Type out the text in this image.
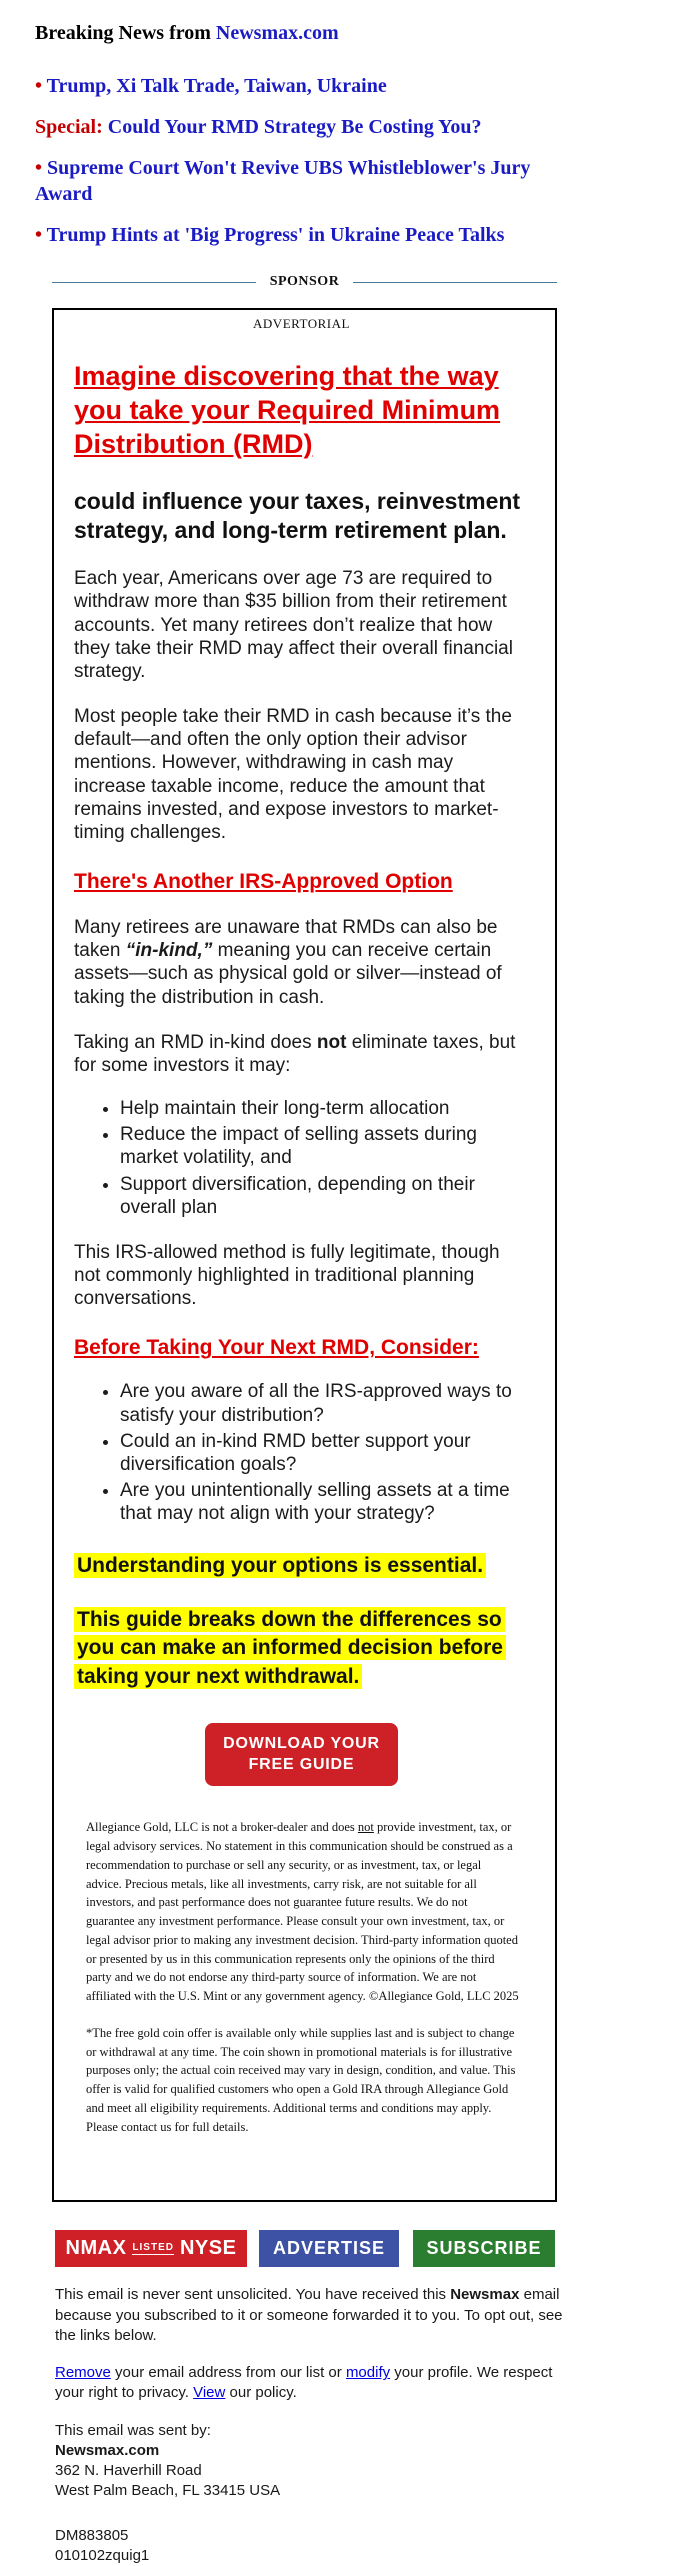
Breaking News from Newsmax.com
• Trump, Xi Talk Trade, Taiwan, Ukraine
Special: Could Your RMD Strategy Be Costing You?
• Supreme Court Won't Revive UBS Whistleblower's Jury Award
• Trump Hints at 'Big Progress' in Ukraine Peace Talks
SPONSOR
ADVERTORIAL
Imagine discovering that the way you take your Required Minimum Distribution (RMD)
could influence your taxes, reinvestment strategy, and long-term retirement plan.

Each year, Americans over age 73 are required to withdraw more than $35 billion from their retirement accounts. Yet many retirees don’t realize that how they take their RMD may affect their overall financial strategy.

Most people take their RMD in cash because it’s the default—and often the only option their advisor mentions. However, withdrawing in cash may increase taxable income, reduce the amount that remains invested, and expose investors to market-timing challenges.

There's Another IRS-Approved Option

Many retirees are unaware that RMDs can also be taken “in-kind,” meaning you can receive certain assets—such as physical gold or silver—instead of taking the distribution in cash.

Taking an RMD in-kind does not eliminate taxes, but for some investors it may:

• Help maintain their long-term allocation
• Reduce the impact of selling assets during market volatility, and
• Support diversification, depending on their overall plan

This IRS-allowed method is fully legitimate, though not commonly highlighted in traditional planning conversations.

Before Taking Your Next RMD, Consider:
• Are you aware of all the IRS-approved ways to satisfy your distribution?
• Could an in-kind RMD better support your diversification goals?
• Are you unintentionally selling assets at a time that may not align with your strategy?

Understanding your options is essential.

This guide breaks down the differences so you can make an informed decision before taking your next withdrawal.

DOWNLOAD YOUR
FREE GUIDE

Allegiance Gold, LLC is not a broker-dealer and does not provide investment, tax, or legal advisory services. No statement in this communication should be construed as a recommendation to purchase or sell any security, or as investment, tax, or legal advice. Precious metals, like all investments, carry risk, are not suitable for all investors, and past performance does not guarantee future results. We do not guarantee any investment performance. Please consult your own investment, tax, or legal advisor prior to making any investment decision. Third-party information quoted or presented by us in this communication represents only the opinions of the third party and we do not endorse any third-party source of information. We are not affiliated with the U.S. Mint or any government agency. ©Allegiance Gold, LLC 2025

*The free gold coin offer is available only while supplies last and is subject to change or withdrawal at any time. The coin shown in promotional materials is for illustrative purposes only; the actual coin received may vary in design, condition, and value. This offer is valid for qualified customers who open a Gold IRA through Allegiance Gold and meet all eligibility requirements. Additional terms and conditions may apply. Please contact us for full details.

NMAX LISTED NYSE	ADVERTISE	SUBSCRIBE

This email is never sent unsolicited. You have received this Newsmax email because you subscribed to it or someone forwarded it to you. To opt out, see the links below.

Remove your email address from our list or modify your profile. We respect your right to privacy. View our policy.

This email was sent by:
Newsmax.com
362 N. Haverhill Road
West Palm Beach, FL 33415 USA
DM883805
010102zquig1
